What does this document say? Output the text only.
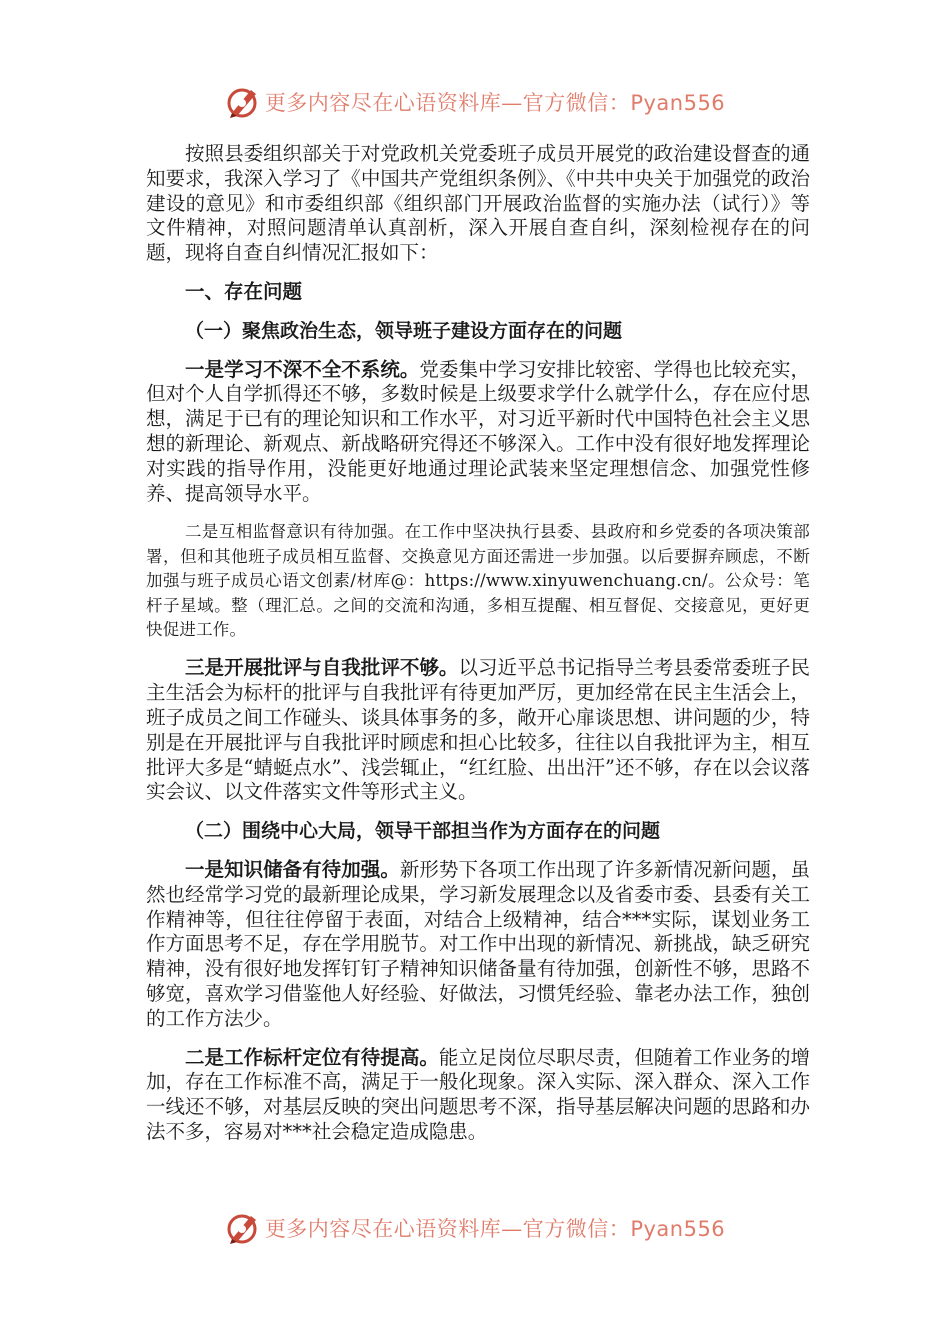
更多内容尽在心语资料库—官方微信：Pyan556

按照县委组织部关于对党政机关党委班子成员开展党的政治建设督查的通知要求，我深入学习了《中国共产党组织条例》、《中共中央关于加强党的政治建设的意见》和市委组织部《组织部门开展政治监督的实施办法（试行）》等文件精神，对照问题清单认真剖析，深入开展自查自纠，深刻检视存在的问题，现将自查自纠情况汇报如下：

一、存在问题
（一）聚焦政治生态，领导班子建设方面存在的问题

一是学习不深不全不系统。党委集中学习安排比较密、学得也比较充实，但对个人自学抓得还不够，多数时候是上级要求学什么就学什么，存在应付思想，满足于已有的理论知识和工作水平，对习近平新时代中国特色社会主义思想的新理论、新观点、新战略研究得还不够深入。工作中没有很好地发挥理论对实践的指导作用，没能更好地通过理论武装来坚定理想信念、加强党性修养、提高领导水平。

二是互相监督意识有待加强。在工作中坚决执行县委、县政府和乡党委的各项决策部署，但和其他班子成员相互监督、交换意见方面还需进一步加强。以后要摒弃顾虑，不断加强与班子成员心语文创素/材库@：https://www.xinyuwenchuang.cn/。公众号：笔杆子星域。整（理汇总。之间的交流和沟通，多相互提醒、相互督促、交接意见，更好更快促进工作。

三是开展批评与自我批评不够。以习近平总书记指导兰考县委常委班子民主生活会为标杆的批评与自我批评有待更加严厉，更加经常在民主生活会上，班子成员之间工作碰头、谈具体事务的多，敞开心扉谈思想、讲问题的少，特别是在开展批评与自我批评时顾虑和担心比较多，往往以自我批评为主，相互批评大多是“蜻蜓点水”、浅尝辄止，“红红脸、出出汗”还不够，存在以会议落实会议、以文件落实文件等形式主义。

（二）围绕中心大局，领导干部担当作为方面存在的问题

一是知识储备有待加强。新形势下各项工作出现了许多新情况新问题，虽然也经常学习党的最新理论成果，学习新发展理念以及省委市委、县委有关工作精神等，但往往停留于表面，对结合上级精神，结合***实际，谋划业务工作方面思考不足，存在学用脱节。对工作中出现的新情况、新挑战，缺乏研究精神，没有很好地发挥钉钉子精神知识储备量有待加强，创新性不够，思路不够宽，喜欢学习借鉴他人好经验、好做法，习惯凭经验、靠老办法工作，独创的工作方法少。

二是工作标杆定位有待提高。能立足岗位尽职尽责，但随着工作业务的增加，存在工作标准不高，满足于一般化现象。深入实际、深入群众、深入工作一线还不够，对基层反映的突出问题思考不深，指导基层解决问题的思路和办法不多，容易对***社会稳定造成隐患。

更多内容尽在心语资料库—官方微信：Pyan556
